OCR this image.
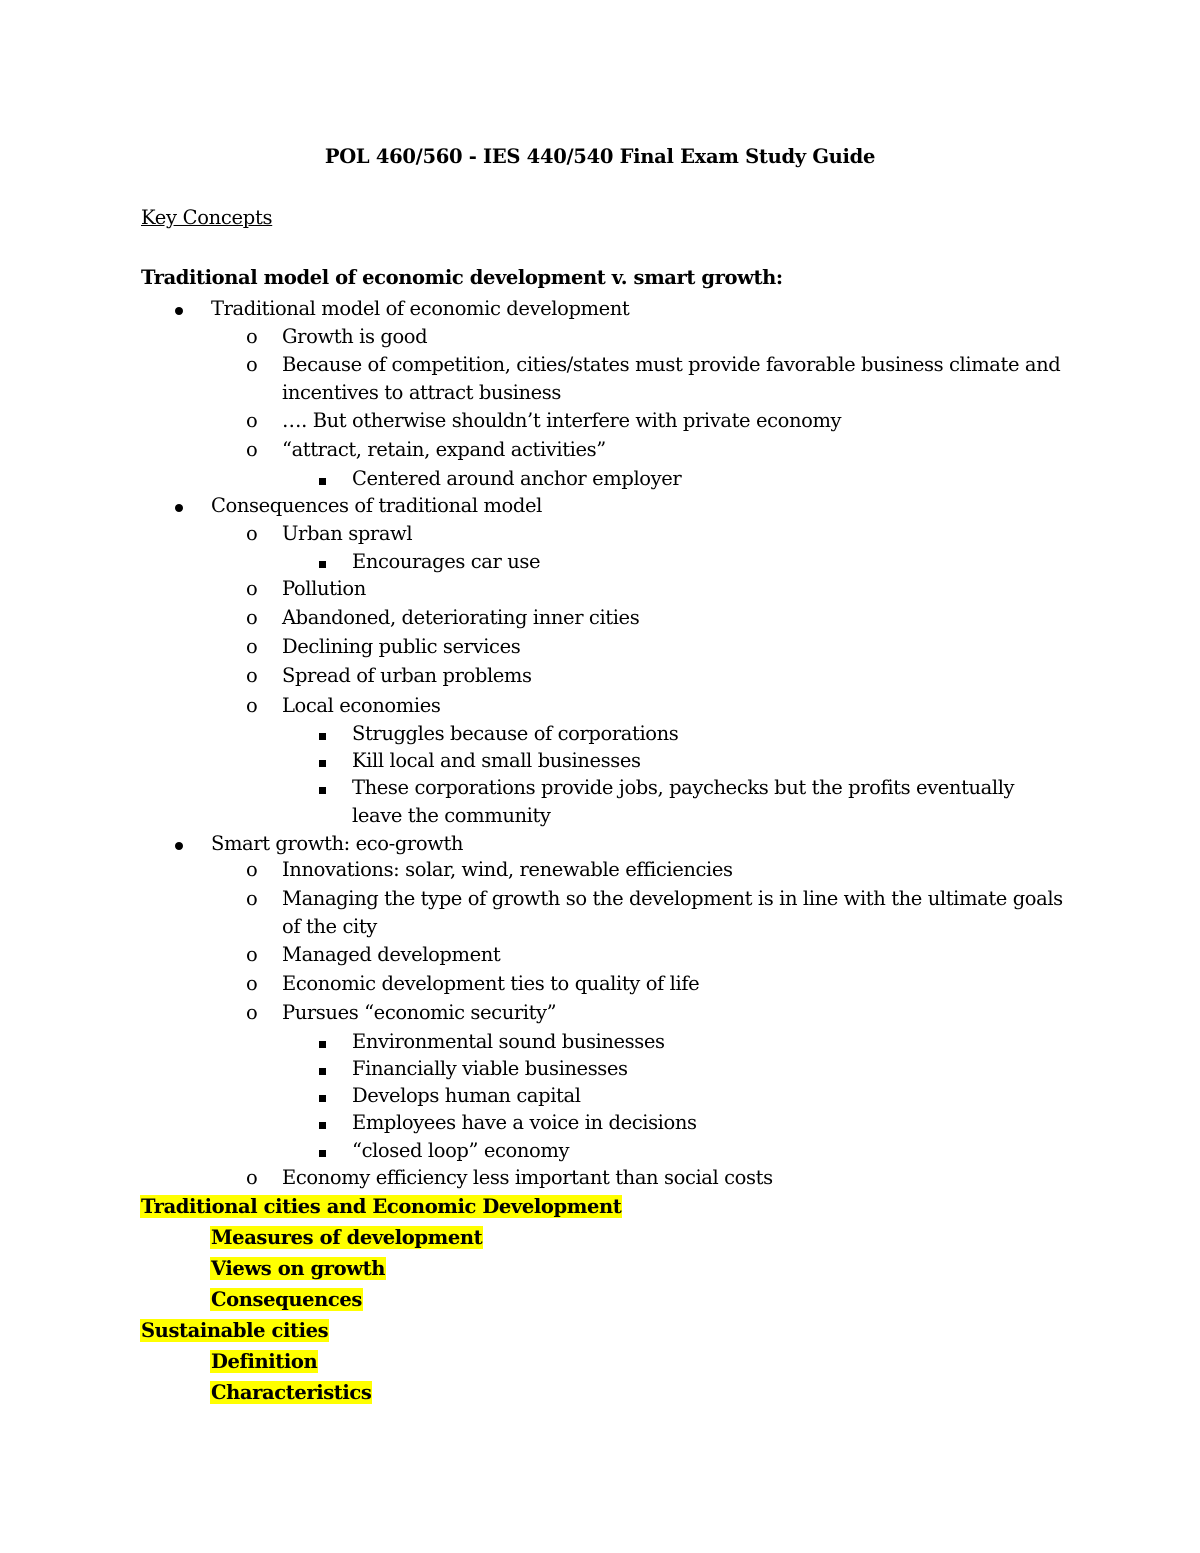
POL 460/560 - IES 440/540 Final Exam Study Guide
Key Concepts
Traditional model of economic development v. smart growth:
Traditional model of economic development
o Growth is good
o Because of competition, cities/states must provide favorable business climate and
incentives to attract business
o …. But otherwise shouldn’t interfere with private economy
o “attract, retain, expand activities”
Centered around anchor employer
Consequences of traditional model
o Urban sprawl
Encourages car use
o Pollution
o Abandoned, deteriorating inner cities
o Declining public services
o Spread of urban problems
o Local economies
Struggles because of corporations
Kill local and small businesses
These corporations provide jobs, paychecks but the profits eventually
leave the community
Smart growth: eco-growth
o Innovations: solar, wind, renewable efficiencies
o Managing the type of growth so the development is in line with the ultimate goals
of the city
o Managed development
o Economic development ties to quality of life
o Pursues “economic security”
Environmental sound businesses
Financially viable businesses
Develops human capital
Employees have a voice in decisions
“closed loop” economy
o Economy efficiency less important than social costs
Traditional cities and Economic Development
Measures of development
Views on growth
Consequences
Sustainable cities
Definition
Characteristics
